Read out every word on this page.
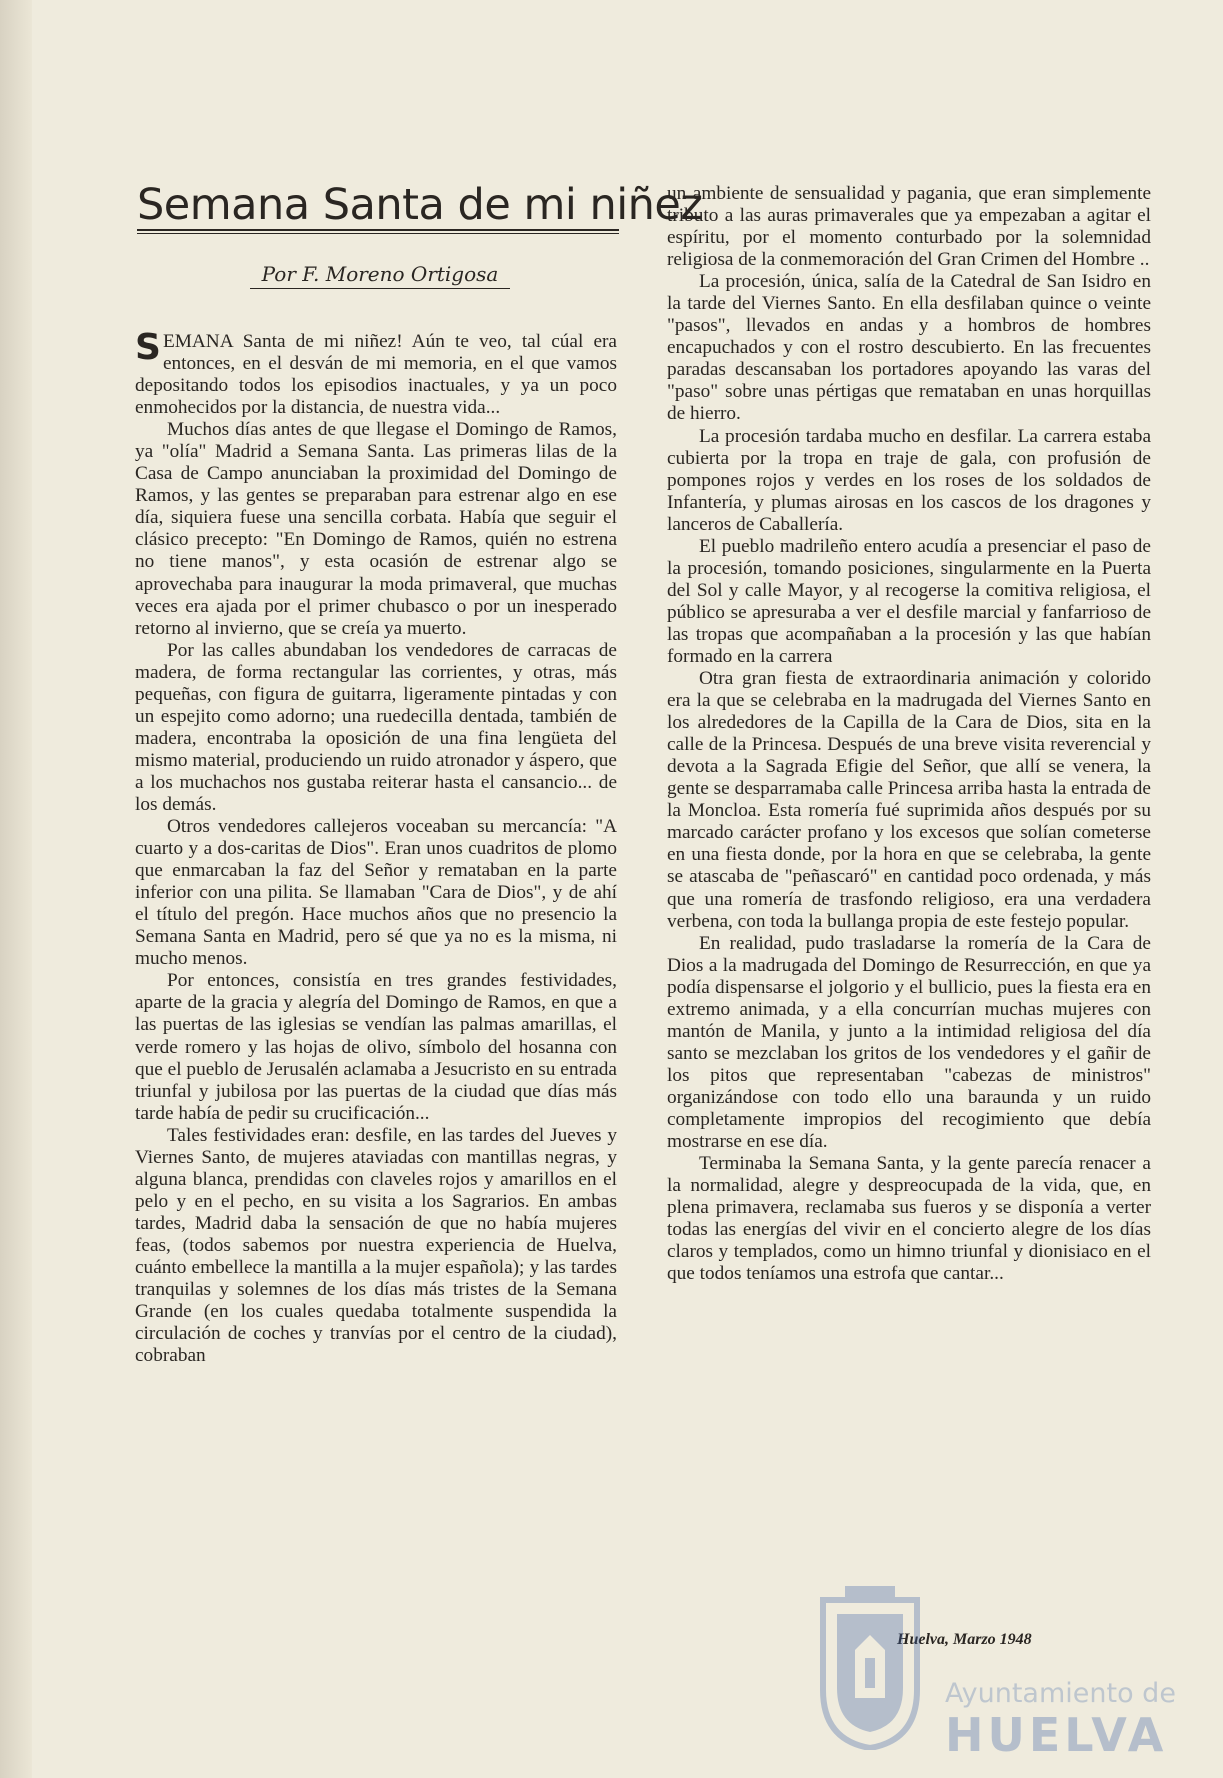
Semana Santa de mi niñez

Por F. Moreno Ortigosa

SEMANA Santa de mi niñez! Aún te veo, tal cúal era entonces, en el desván de mi memoria, en el que vamos depositando todos los episodios inactuales, y ya un poco enmohecidos por la distancia, de nuestra vida...

Muchos días antes de que llegase el Domingo de Ramos, ya "olía" Madrid a Semana Santa. Las primeras lilas de la Casa de Campo anunciaban la proximidad del Domingo de Ramos, y las gentes se preparaban para estrenar algo en ese día, siquiera fuese una sencilla corbata. Había que seguir el clásico precepto: "En Domingo de Ramos, quién no estrena no tiene manos", y esta ocasión de estrenar algo se aprovechaba para inaugurar la moda primaveral, que muchas veces era ajada por el primer chubasco o por un inesperado retorno al invierno, que se creía ya muerto.

Por las calles abundaban los vendedores de carracas de madera, de forma rectangular las corrientes, y otras, más pequeñas, con figura de guitarra, ligeramente pintadas y con un espejito como adorno; una ruedecilla dentada, también de madera, encontraba la oposición de una fina lengüeta del mismo material, produciendo un ruido atronador y áspero, que a los muchachos nos gustaba reiterar hasta el cansancio... de los demás.

Otros vendedores callejeros voceaban su mercancía: "A cuarto y a dos-caritas de Dios". Eran unos cuadritos de plomo que enmarcaban la faz del Señor y remataban en la parte inferior con una pilita. Se llamaban "Cara de Dios", y de ahí el título del pregón. Hace muchos años que no presencio la Semana Santa en Madrid, pero sé que ya no es la misma, ni mucho menos.

Por entonces, consistía en tres grandes festividades, aparte de la gracia y alegría del Domingo de Ramos, en que a las puertas de las iglesias se vendían las palmas amarillas, el verde romero y las hojas de olivo, símbolo del hosanna con que el pueblo de Jerusalén aclamaba a Jesucristo en su entrada triunfal y jubilosa por las puertas de la ciudad que días más tarde había de pedir su crucificación...

Tales festividades eran: desfile, en las tardes del Jueves y Viernes Santo, de mujeres ataviadas con mantillas negras, y alguna blanca, prendidas con claveles rojos y amarillos en el pelo y en el pecho, en su visita a los Sagrarios. En ambas tardes, Madrid daba la sensación de que no había mujeres feas, (todos sabemos por nuestra experiencia de Huelva, cuánto embellece la mantilla a la mujer española); y las tardes tranquilas y solemnes de los días más tristes de la Semana Grande (en los cuales quedaba totalmente suspendida la circulación de coches y tranvías por el centro de la ciudad), cobraban

un ambiente de sensualidad y pagania, que eran simplemente tributo a las auras primaverales que ya empezaban a agitar el espíritu, por el momento conturbado por la solemnidad religiosa de la conmemoración del Gran Crimen del Hombre ..

La procesión, única, salía de la Catedral de San Isidro en la tarde del Viernes Santo. En ella desfilaban quince o veinte "pasos", llevados en andas y a hombros de hombres encapuchados y con el rostro descubierto. En las frecuentes paradas descansaban los portadores apoyando las varas del "paso" sobre unas pértigas que remataban en unas horquillas de hierro.

La procesión tardaba mucho en desfilar. La carrera estaba cubierta por la tropa en traje de gala, con profusión de pompones rojos y verdes en los roses de los soldados de Infantería, y plumas airosas en los cascos de los dragones y lanceros de Caballería.

El pueblo madrileño entero acudía a presenciar el paso de la procesión, tomando posiciones, singularmente en la Puerta del Sol y calle Mayor, y al recogerse la comitiva religiosa, el público se apresuraba a ver el desfile marcial y fanfarrioso de las tropas que acompañaban a la procesión y las que habían formado en la carrera

Otra gran fiesta de extraordinaria animación y colorido era la que se celebraba en la madrugada del Viernes Santo en los alrededores de la Capilla de la Cara de Dios, sita en la calle de la Princesa. Después de una breve visita reverencial y devota a la Sagrada Efigie del Señor, que allí se venera, la gente se desparramaba calle Princesa arriba hasta la entrada de la Moncloa. Esta romería fué suprimida años después por su marcado carácter profano y los excesos que solían cometerse en una fiesta donde, por la hora en que se celebraba, la gente se atascaba de "peñascaró" en cantidad poco ordenada, y más que una romería de trasfondo religioso, era una verdadera verbena, con toda la bullanga propia de este festejo popular.

En realidad, pudo trasladarse la romería de la Cara de Dios a la madrugada del Domingo de Resurrección, en que ya podía dispensarse el jolgorio y el bullicio, pues la fiesta era en extremo animada, y a ella concurrían muchas mujeres con mantón de Manila, y junto a la intimidad religiosa del día santo se mezclaban los gritos de los vendedores y el gañir de los pitos que representaban "cabezas de ministros" organizándose con todo ello una baraunda y un ruido completamente impropios del recogimiento que debía mostrarse en ese día.

Terminaba la Semana Santa, y la gente parecía renacer a la normalidad, alegre y despreocupada de la vida, que, en plena primavera, reclamaba sus fueros y se disponía a verter todas las energías del vivir en el concierto alegre de los días claros y templados, como un himno triunfal y dionisiaco en el que todos teníamos una estrofa que cantar...

Huelva, Marzo 1948

Ayuntamiento de
HUELVA
